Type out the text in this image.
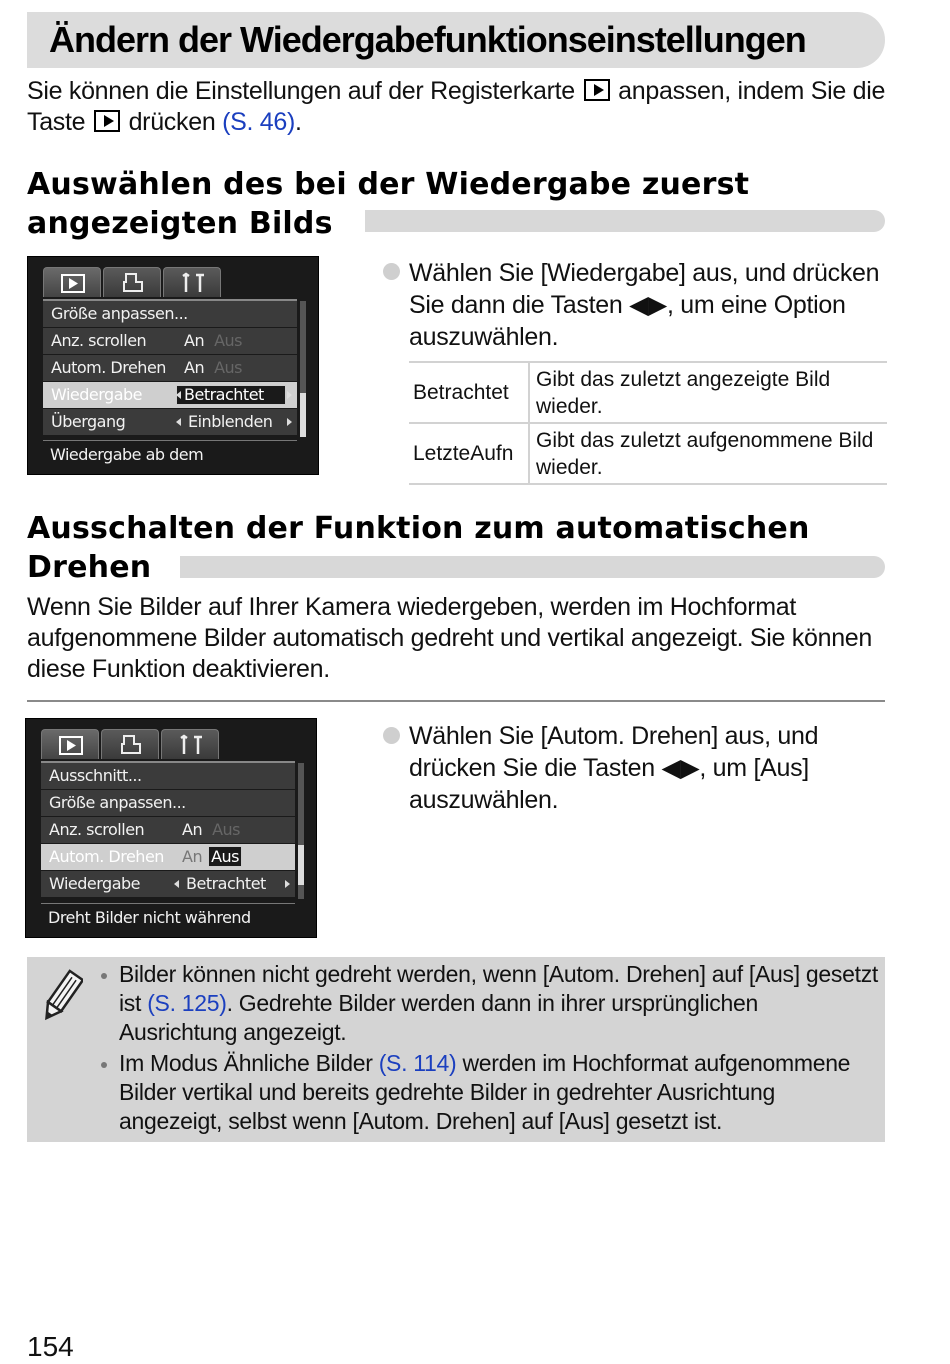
Ändern der Wiedergabefunktionseinstellungen
Sie können die Einstellungen auf der Registerkarte anpassen, indem Sie die Taste drücken (S. 46).
Auswählen des bei der Wiedergabe zuerst
angezeigten Bilds
Größe anpassen...
Anz. scrollen An Aus
Autom. Drehen An Aus
Wiedergabe	Betrachtet
Übergang	Einblenden
Wiedergabe ab dem
Wählen Sie [Wiedergabe] aus, und drücken Sie dann die Tasten ◀▶, um eine Option auszuwählen.
Betrachtet	Gibt das zuletzt angezeigte Bild wieder.
LetzteAufn	Gibt das zuletzt aufgenommene Bild wieder.
Ausschalten der Funktion zum automatischen
Drehen
Wenn Sie Bilder auf Ihrer Kamera wiedergeben, werden im Hochformat aufgenommene Bilder automatisch gedreht und vertikal angezeigt. Sie können diese Funktion deaktivieren.
Ausschnitt...
Größe anpassen...
Anz. scrollen An Aus
Autom. Drehen An Aus
Wiedergabe	Betrachtet
Dreht Bilder nicht während
Wählen Sie [Autom. Drehen] aus, und drücken Sie die Tasten ◀▶, um [Aus] auszuwählen.
Bilder können nicht gedreht werden, wenn [Autom. Drehen] auf [Aus] gesetzt ist (S. 125). Gedrehte Bilder werden dann in ihrer ursprünglichen Ausrichtung angezeigt.
Im Modus Ähnliche Bilder (S. 114) werden im Hochformat aufgenommene Bilder vertikal und bereits gedrehte Bilder in gedrehter Ausrichtung angezeigt, selbst wenn [Autom. Drehen] auf [Aus] gesetzt ist.
154
